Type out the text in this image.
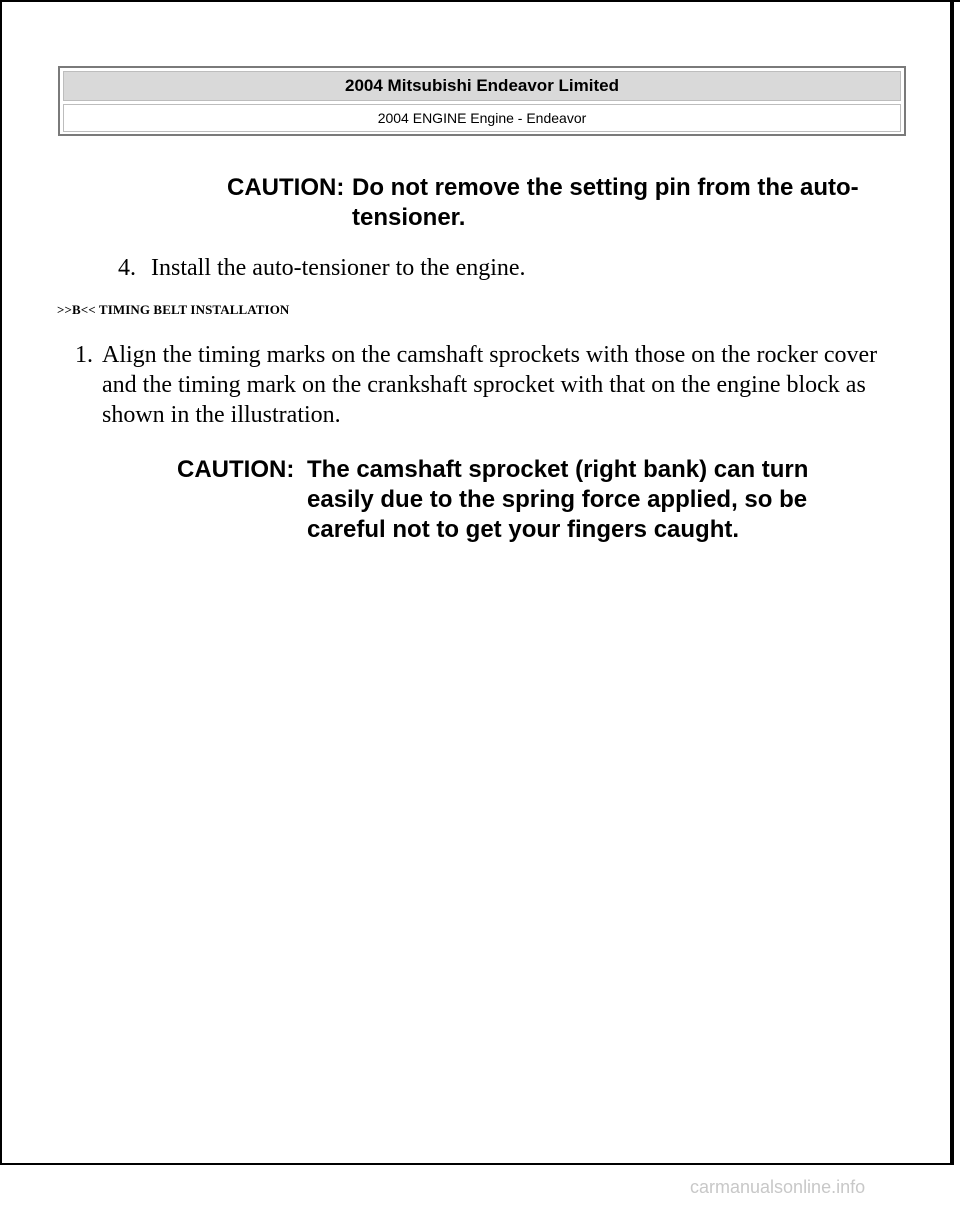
2004 Mitsubishi Endeavor Limited
2004 ENGINE Engine - Endeavor
CAUTION: Do not remove the setting pin from the auto-tensioner.
4. Install the auto-tensioner to the engine.
>>B<< TIMING BELT INSTALLATION
1. Align the timing marks on the camshaft sprockets with those on the rocker cover and the timing mark on the crankshaft sprocket with that on the engine block as shown in the illustration.
CAUTION: The camshaft sprocket (right bank) can turn easily due to the spring force applied, so be careful not to get your fingers caught.
carmanualsonline.info
